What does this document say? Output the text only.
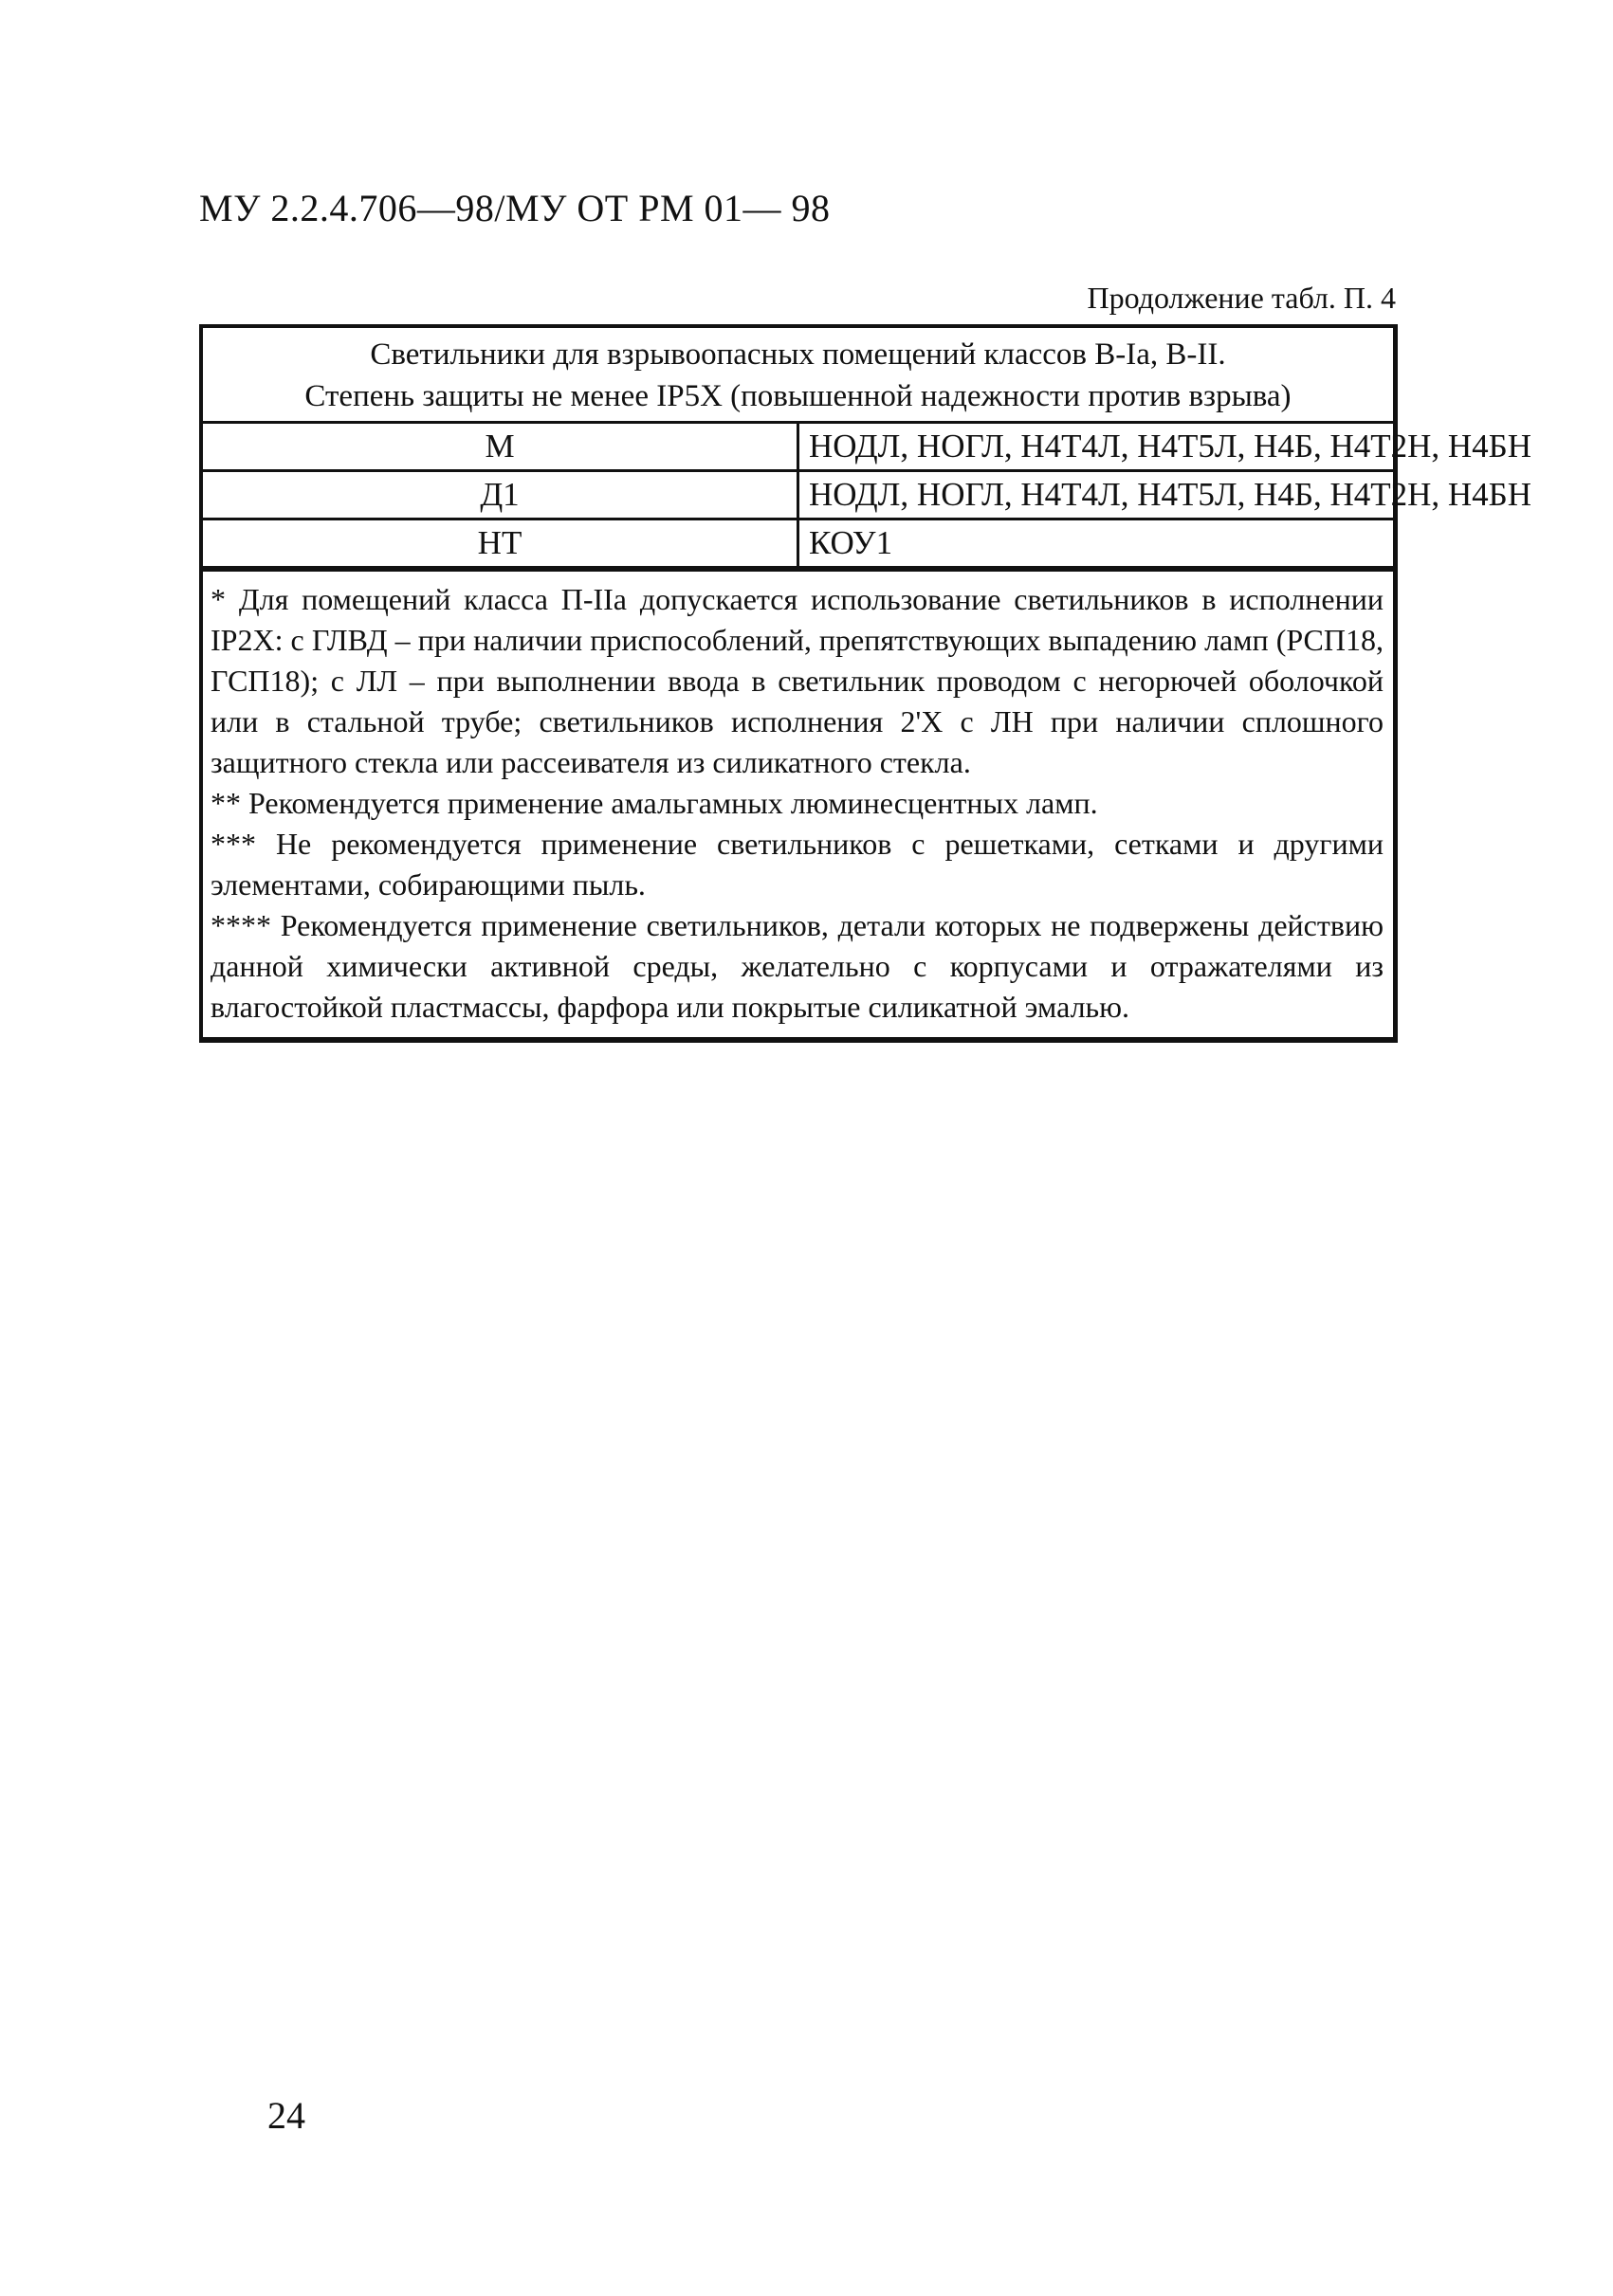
МУ 2.2.4.706—98/МУ ОТ РМ 01— 98
Продолжение табл. П. 4
Светильники для взрывоопасных помещений классов В-Ia, В-II.
Степень защиты не менее IP5X (повышенной надежности против взрыва)	

М	НОДЛ, НОГЛ, Н4Т4Л, Н4Т5Л, Н4Б, Н4Т2Н, Н4БН
Д1	НОДЛ, НОГЛ, Н4Т4Л, Н4Т5Л, Н4Б, Н4Т2Н, Н4БН
НТ	КОУ1

* Для помещений класса П-IIa допускается использование светильников в исполнении IP2X: с ГЛВД – при наличии приспособлений, препятствующих выпадению ламп (РСП18, ГСП18); с ЛЛ – при выполнении ввода в светильник проводом с негорючей оболочкой или в стальной трубе; светильников исполнения 2'X с ЛН при наличии сплошного защитного стекла или рассеивателя из силикатного стекла.

** Рекомендуется применение амальгамных люминесцентных ламп.

*** Не рекомендуется применение светильников с решетками, сетками и другими элементами, собирающими пыль.

**** Рекомендуется применение светильников, детали которых не подвержены действию данной химически активной среды, желательно с корпусами и отражателями из влагостойкой пластмассы, фарфора или покрытые силикатной эмалью.

24
